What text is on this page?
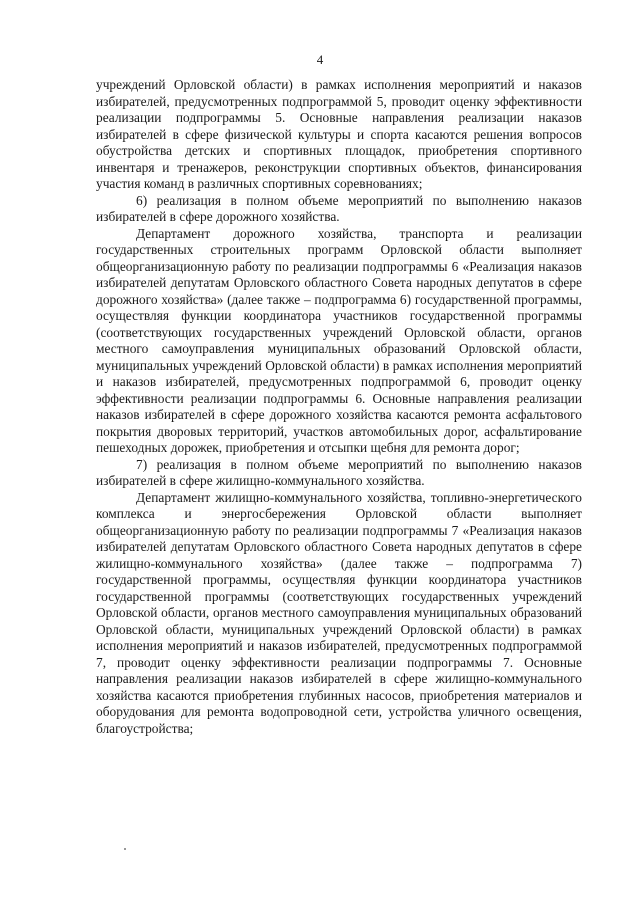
4

учреждений Орловской области) в рамках исполнения мероприятий и наказов избирателей, предусмотренных подпрограммой 5, проводит оценку эффективности реализации подпрограммы 5. Основные направления реализации наказов избирателей в сфере физической культуры и спорта касаются решения вопросов обустройства детских и спортивных площадок, приобретения спортивного инвентаря и тренажеров, реконструкции спортивных объектов, финансирования участия команд в различных спортивных соревнованиях;

6) реализация в полном объеме мероприятий по выполнению наказов избирателей в сфере дорожного хозяйства.

Департамент дорожного хозяйства, транспорта и реализации государственных строительных программ Орловской области выполняет общеорганизационную работу по реализации подпрограммы 6 «Реализация наказов избирателей депутатам Орловского областного Совета народных депутатов в сфере дорожного хозяйства» (далее также – подпрограмма 6) государственной программы, осуществляя функции координатора участников государственной программы (соответствующих государственных учреждений Орловской области, органов местного самоуправления муниципальных образований Орловской области, муниципальных учреждений Орловской области) в рамках исполнения мероприятий и наказов избирателей, предусмотренных подпрограммой 6, проводит оценку эффективности реализации подпрограммы 6. Основные направления реализации наказов избирателей в сфере дорожного хозяйства касаются ремонта асфальтового покрытия дворовых территорий, участков автомобильных дорог, асфальтирование пешеходных дорожек, приобретения и отсыпки щебня для ремонта дорог;

7) реализация в полном объеме мероприятий по выполнению наказов избирателей в сфере жилищно-коммунального хозяйства.

Департамент жилищно-коммунального хозяйства, топливно-энергетического комплекса и энергосбережения Орловской области выполняет общеорганизационную работу по реализации подпрограммы 7 «Реализация наказов избирателей депутатам Орловского областного Совета народных депутатов в сфере жилищно-коммунального хозяйства» (далее также – подпрограмма 7) государственной программы, осуществляя функции координатора участников государственной программы (соответствующих государственных учреждений Орловской области, органов местного самоуправления муниципальных образований Орловской области, муниципальных учреждений Орловской области) в рамках исполнения мероприятий и наказов избирателей, предусмотренных подпрограммой 7, проводит оценку эффективности реализации подпрограммы 7. Основные направления реализации наказов избирателей в сфере жилищно-коммунального хозяйства касаются приобретения глубинных насосов, приобретения материалов и оборудования для ремонта водопроводной сети, устройства уличного освещения, благоустройства;
